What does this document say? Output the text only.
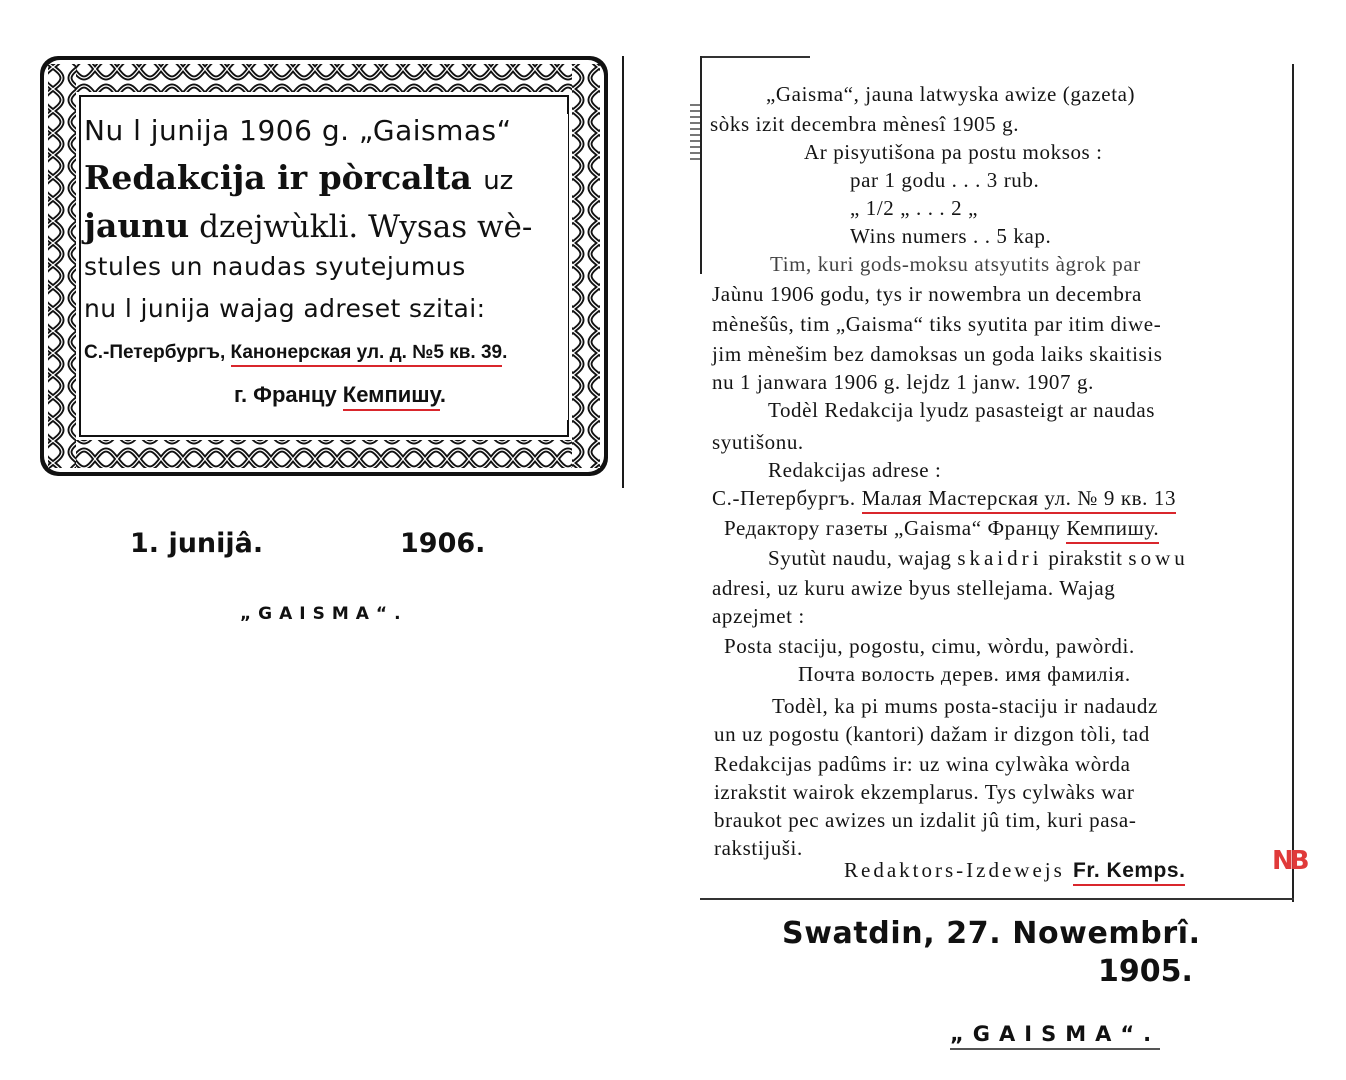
Nu l junija 1906 g. „Gaismas“
Redakcija ir pòrcalta uz
jaunu dzejwùkli. Wysas wè-
stules un naudas syutejumus
nu l junija wajag adreset szitai:
С.-Петербургъ, Канонерская ул. д. №5 кв. 39.
г. Францу Кемпишу.
1. junijâ.	1906.
„GAISMA“.
„Gaisma“, jauna latwyska awize (gazeta)
sòks izit decembra mènesî 1905 g.
Ar pisyutišona pa postu moksos :
par 1 godu . . . 3 rub.
„ 1/2 „ . . . 2 „
Wins numers . . 5 kap.
Tim, kuri gods-moksu atsyutits àgrok par
Jaùnu 1906 godu, tys ir nowembra un decembra
mènešûs, tim „Gaisma“ tiks syutita par itim diwe-
jim mènešim bez damoksas un goda laiks skaitisis
nu 1 janwara 1906 g. lejdz 1 janw. 1907 g.
Todèl Redakcija lyudz pasasteigt ar naudas
syutišonu.
Redakcijas adrese :
С.-Петербургъ. Малая Мастерская ул. № 9 кв. 13
Редактору газеты „Gaisma“ Францу Кемпишу.
Syutùt naudu, wajag skaidri pirakstit sowu
adresi, uz kuru awize byus stellejama. Wajag
apzejmet :
Posta staciju, pogostu, cimu, wòrdu, pawòrdi.
Почта волость дерев. имя фамилія.
Todèl, ka pi mums posta-staciju ir nadaudz
un uz pogostu (kantori) dažam ir dizgon tòli, tad
Redakcijas padûms ir: uz wina cylwàka wòrda
izrakstit wairok ekzemplarus. Tys cylwàks war
braukot pec awizes un izdalit jû tim, kuri pasa-
rakstijuši.
Redaktors-Izdewejs Fr. Kemps.	NB
Swatdin, 27. Nowembrî.
1905.
„GAISMA“.
